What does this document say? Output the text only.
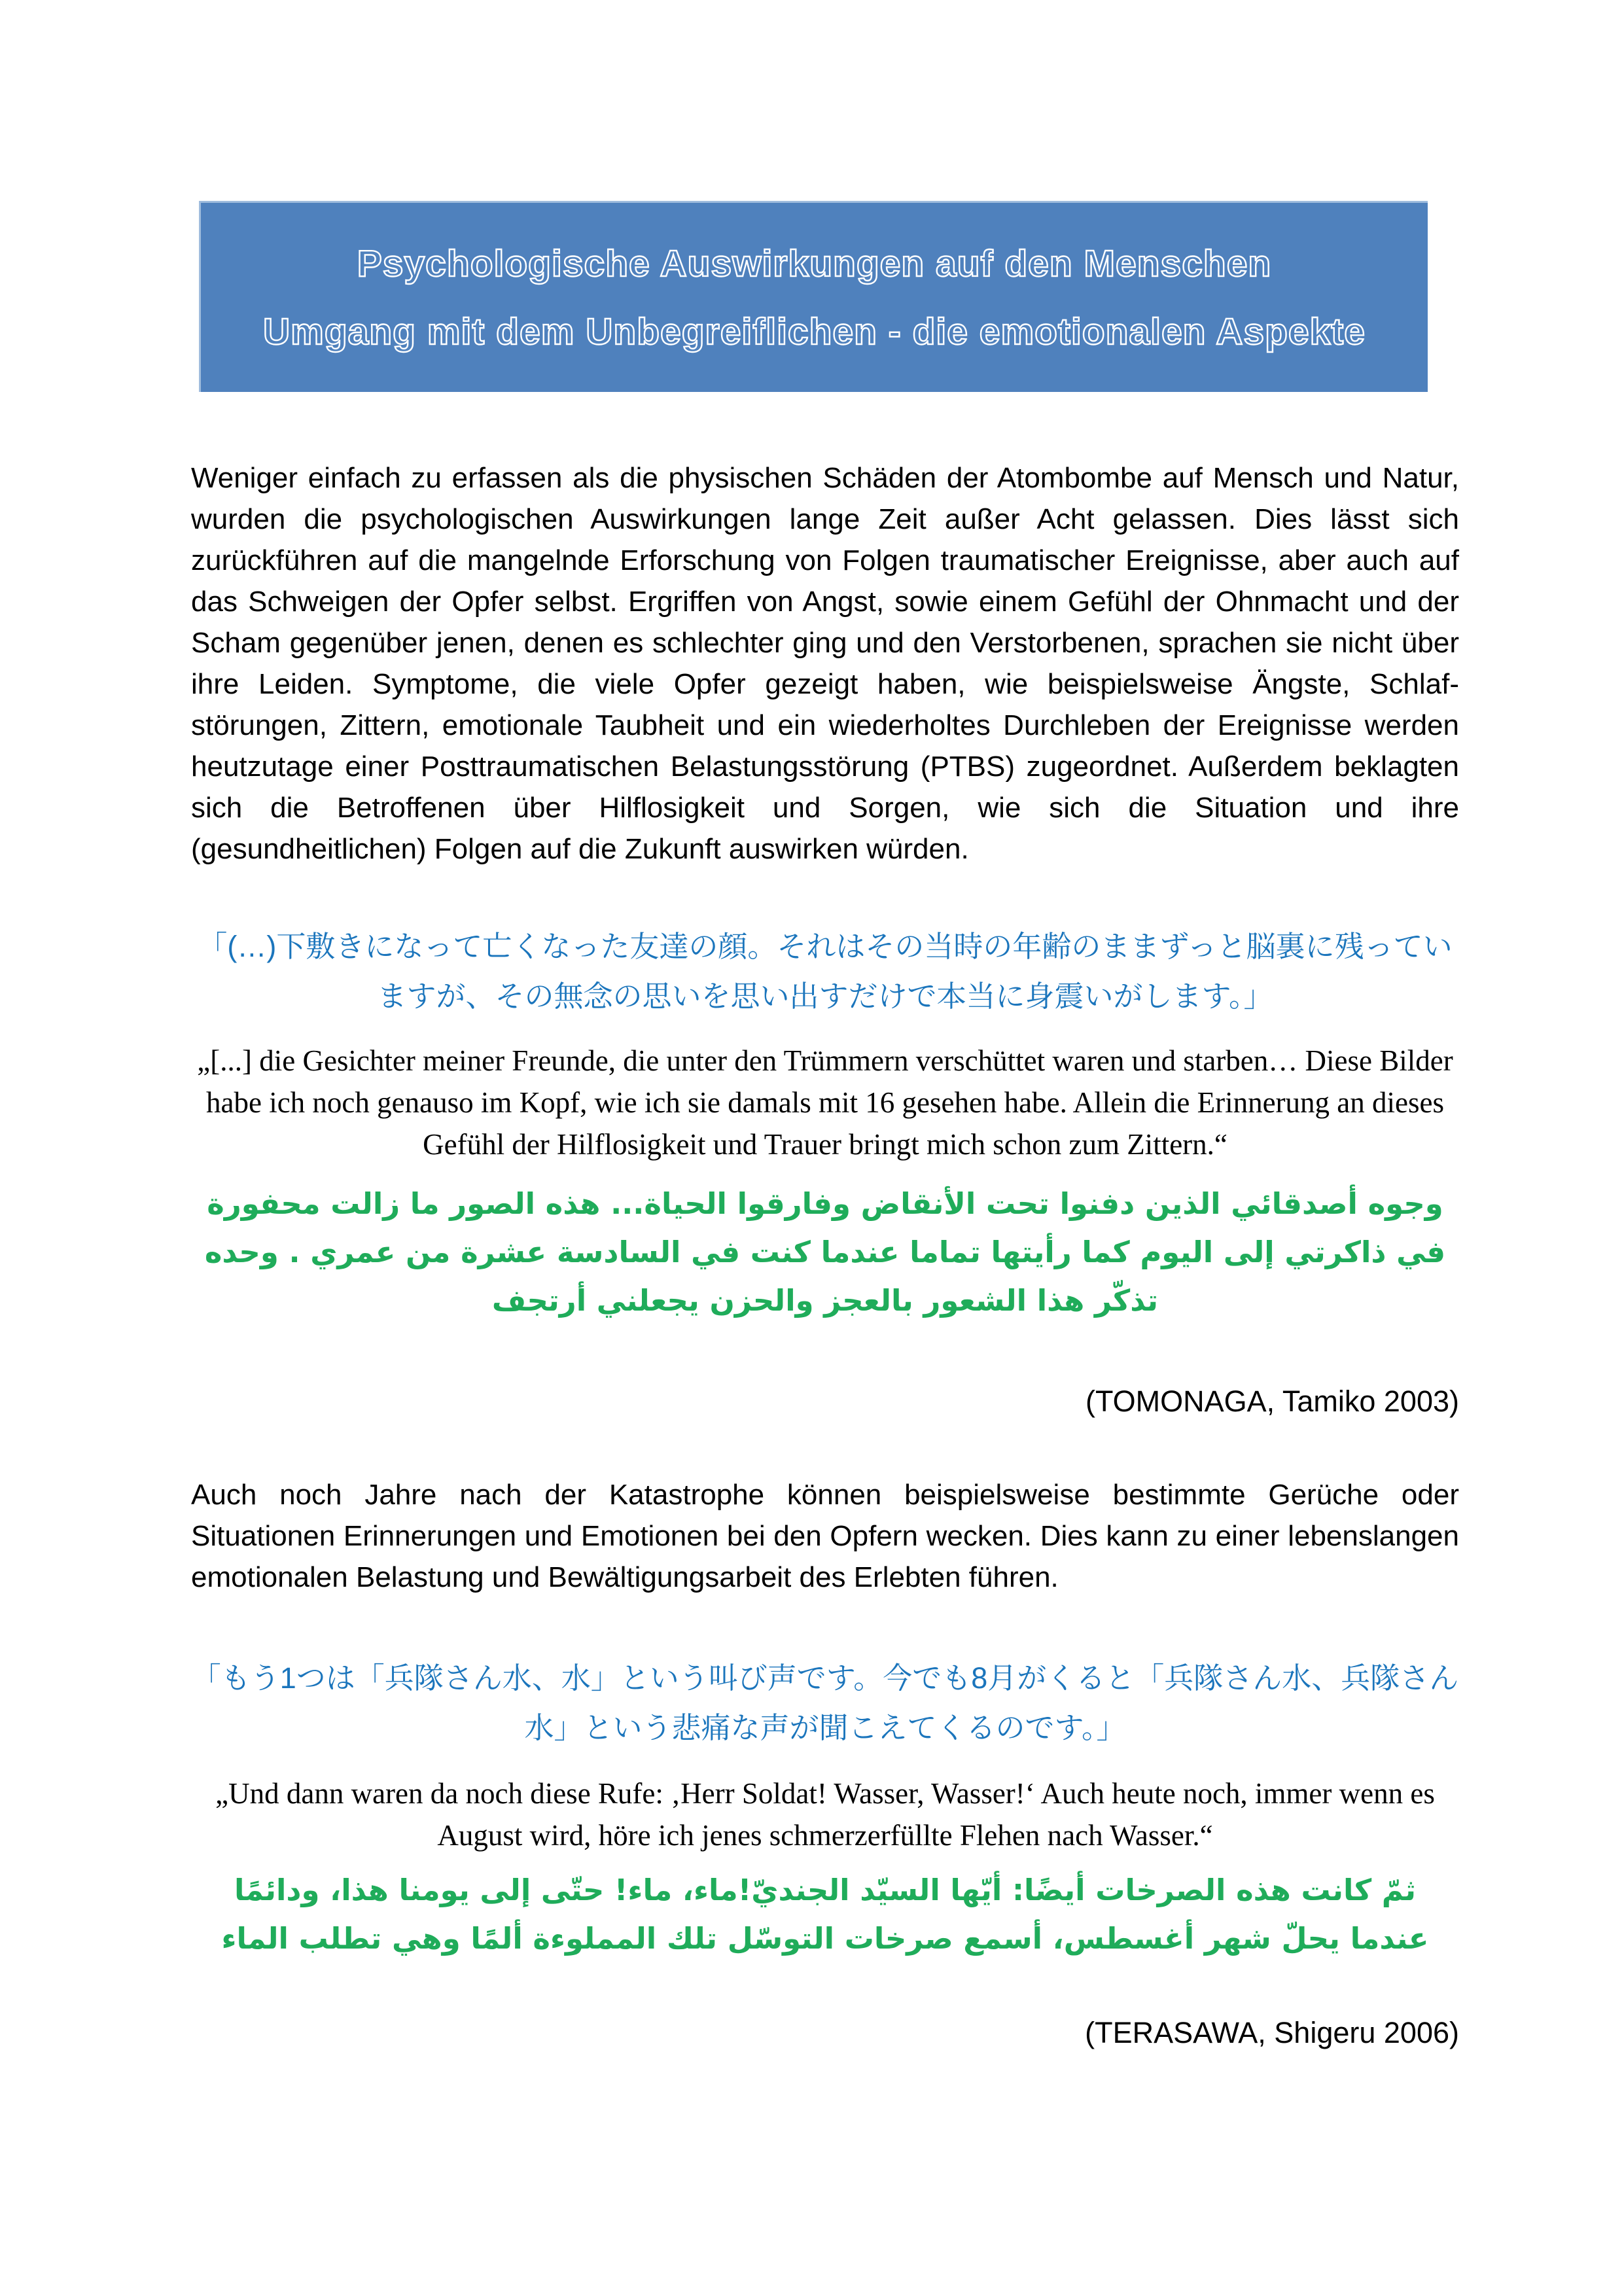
Psychologische Auswirkungen auf den Menschen
Umgang mit dem Unbegreiflichen - die emotionalen Aspekte
Weniger einfach zu erfassen als die physischen Schäden der Atombombe auf Mensch und Natur, wurden die psychologischen Auswirkungen lange Zeit außer Acht gelassen. Dies lässt sich zurückführen auf die mangelnde Erforschung von Folgen traumatischer Ereignisse, aber auch auf das Schweigen der Opfer selbst. Ergriffen von Angst, sowie einem Gefühl der Ohnmacht und der Scham gegenüber jenen, denen es schlechter ging und den Verstorbenen, sprachen sie nicht über ihre Leiden. Symptome, die viele Opfer gezeigt haben, wie beispielsweise Ängste, Schlaf-störungen, Zittern, emotionale Taubheit und ein wiederholtes Durchleben der Ereignisse werden heutzutage einer Posttraumatischen Belastungsstörung (PTBS) zugeordnet. Außerdem beklagten sich die Betroffenen über Hilflosigkeit und Sorgen, wie sich die Situation und ihre (gesundheitlichen) Folgen auf die Zukunft auswirken würden.
「(…)下敷きになって亡くなった友達の顔。それはその当時の年齢のままずっと脳裏に残っていますが、その無念の思いを思い出すだけで本当に身震いがします。」
„[...] die Gesichter meiner Freunde, die unter den Trümmern verschüttet waren und starben… Diese Bilder habe ich noch genauso im Kopf, wie ich sie damals mit 16 gesehen habe. Allein die Erinnerung an dieses Gefühl der Hilflosigkeit und Trauer bringt mich schon zum Zittern.“
وجوه أصدقائي الذين دفنوا تحت الأنقاض وفارقوا الحياة... هذه الصور ما زالت محفورة في ذاكرتي إلى اليوم كما رأيتها تماما عندما كنت في السادسة عشرة من عمري . وحده تذكّر هذا الشعور بالعجز والحزن يجعلني أرتجف
(TOMONAGA, Tamiko 2003)
Auch noch Jahre nach der Katastrophe können beispielsweise bestimmte Gerüche oder Situationen Erinnerungen und Emotionen bei den Opfern wecken. Dies kann zu einer lebenslangen emotionalen Belastung und Bewältigungsarbeit des Erlebten führen.
「もう1つは「兵隊さん水、水」という叫び声です。今でも8月がくると「兵隊さん水、兵隊さん水」という悲痛な声が聞こえてくるのです。」
„Und dann waren da noch diese Rufe: ‚Herr Soldat! Wasser, Wasser!‘ Auch heute noch, immer wenn es August wird, höre ich jenes schmerzerfüllte Flehen nach Wasser.“
ثمّ كانت هذه الصرخات أيضًا: أيّها السيّد الجنديّ!ماء، ماء! حتّى إلى يومنا هذا، ودائمًا عندما يحلّ شهر أغسطس، أسمع صرخات التوسّل تلك المملوءة ألمًا وهي تطلب الماء
(TERASAWA, Shigeru 2006)
